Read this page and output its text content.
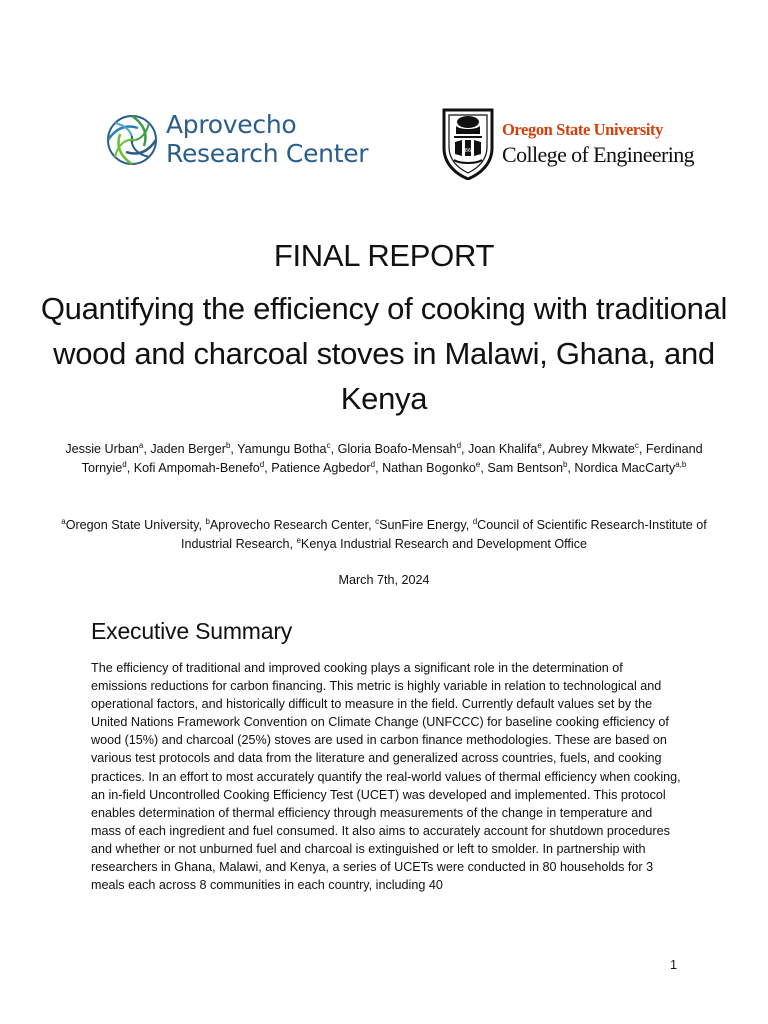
Aprovecho
Research Center	1868
Oregon State University
College of Engineering
FINAL REPORT
Quantifying the efficiency of cooking with traditional wood and charcoal stoves in Malawi, Ghana, and Kenya
Jessie Urban$^a$, Jaden Berger$^b$, Yamungu Botha$^c$, Gloria Boafo-Mensah$^d$, Joan Khalifa$^e$, Aubrey Mkwate$^c$, Ferdinand Tornyie$^d$, Kofi Ampomah-Benefo$^d$, Patience Agbedor$^d$, Nathan Bogonko$^e$, Sam Bentson$^b$, Nordica MacCarty$^{a,b}$
$^a$Oregon State University, $^b$Aprovecho Research Center, $^c$SunFire Energy, $^d$Council of Scientific Research-Institute of Industrial Research, $^e$Kenya Industrial Research and Development Office
March 7th, 2024
Executive Summary

The efficiency of traditional and improved cooking plays a significant role in the determination of emissions reductions for carbon financing. This metric is highly variable in relation to technological and operational factors, and historically difficult to measure in the field. Currently default values set by the United Nations Framework Convention on Climate Change (UNFCCC) for baseline cooking efficiency of wood (15%) and charcoal (25%) stoves are used in carbon finance methodologies. These are based on various test protocols and data from the literature and generalized across countries, fuels, and cooking practices. In an effort to most accurately quantify the real-world values of thermal efficiency when cooking, an in-field Uncontrolled Cooking Efficiency Test (UCET) was developed and implemented. This protocol enables determination of thermal efficiency through measurements of the change in temperature and mass of each ingredient and fuel consumed. It also aims to accurately account for shutdown procedures and whether or not unburned fuel and charcoal is extinguished or left to smolder. In partnership with researchers in Ghana, Malawi, and Kenya, a series of UCETs were conducted in 80 households for 3 meals each across 8 communities in each country, including 40

1
